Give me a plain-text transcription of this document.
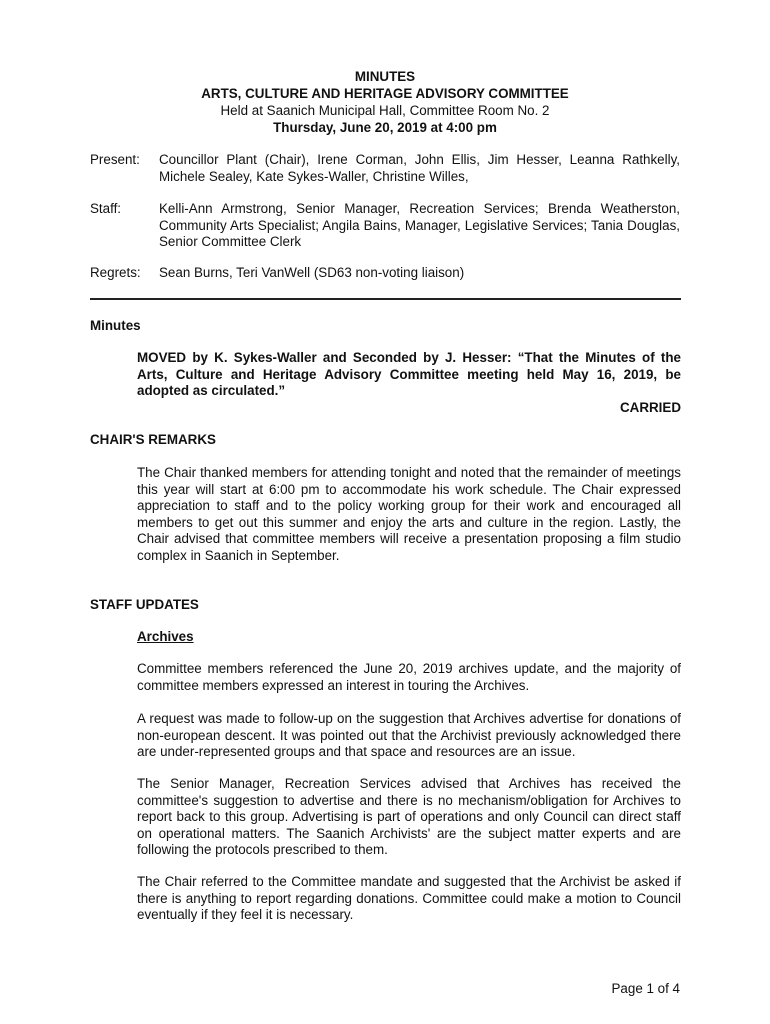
MINUTES
ARTS, CULTURE AND HERITAGE ADVISORY COMMITTEE
Held at Saanich Municipal Hall, Committee Room No. 2
Thursday, June 20, 2019 at 4:00 pm
Present: Councillor Plant (Chair), Irene Corman, John Ellis, Jim Hesser, Leanna Rathkelly, Michele Sealey, Kate Sykes-Waller, Christine Willes,
Staff:	Kelli-Ann Armstrong, Senior Manager, Recreation Services; Brenda Weatherston, Community Arts Specialist; Angila Bains, Manager, Legislative Services; Tania Douglas, Senior Committee Clerk
Regrets: Sean Burns, Teri VanWell (SD63 non-voting liaison)
Minutes
MOVED by K. Sykes-Waller and Seconded by J. Hesser: “That the Minutes of the Arts, Culture and Heritage Advisory Committee meeting held May 16, 2019, be adopted as circulated.”
CARRIED
CHAIR'S REMARKS
The Chair thanked members for attending tonight and noted that the remainder of meetings this year will start at 6:00 pm to accommodate his work schedule. The Chair expressed appreciation to staff and to the policy working group for their work and encouraged all members to get out this summer and enjoy the arts and culture in the region. Lastly, the Chair advised that committee members will receive a presentation proposing a film studio complex in Saanich in September.
STAFF UPDATES
Archives
Committee members referenced the June 20, 2019 archives update, and the majority of committee members expressed an interest in touring the Archives.
A request was made to follow-up on the suggestion that Archives advertise for donations of non-european descent. It was pointed out that the Archivist previously acknowledged there are under-represented groups and that space and resources are an issue.
The Senior Manager, Recreation Services advised that Archives has received the committee's suggestion to advertise and there is no mechanism/obligation for Archives to report back to this group. Advertising is part of operations and only Council can direct staff on operational matters. The Saanich Archivists' are the subject matter experts and are following the protocols prescribed to them.
The Chair referred to the Committee mandate and suggested that the Archivist be asked if there is anything to report regarding donations. Committee could make a motion to Council eventually if they feel it is necessary.
Page 1 of 4
